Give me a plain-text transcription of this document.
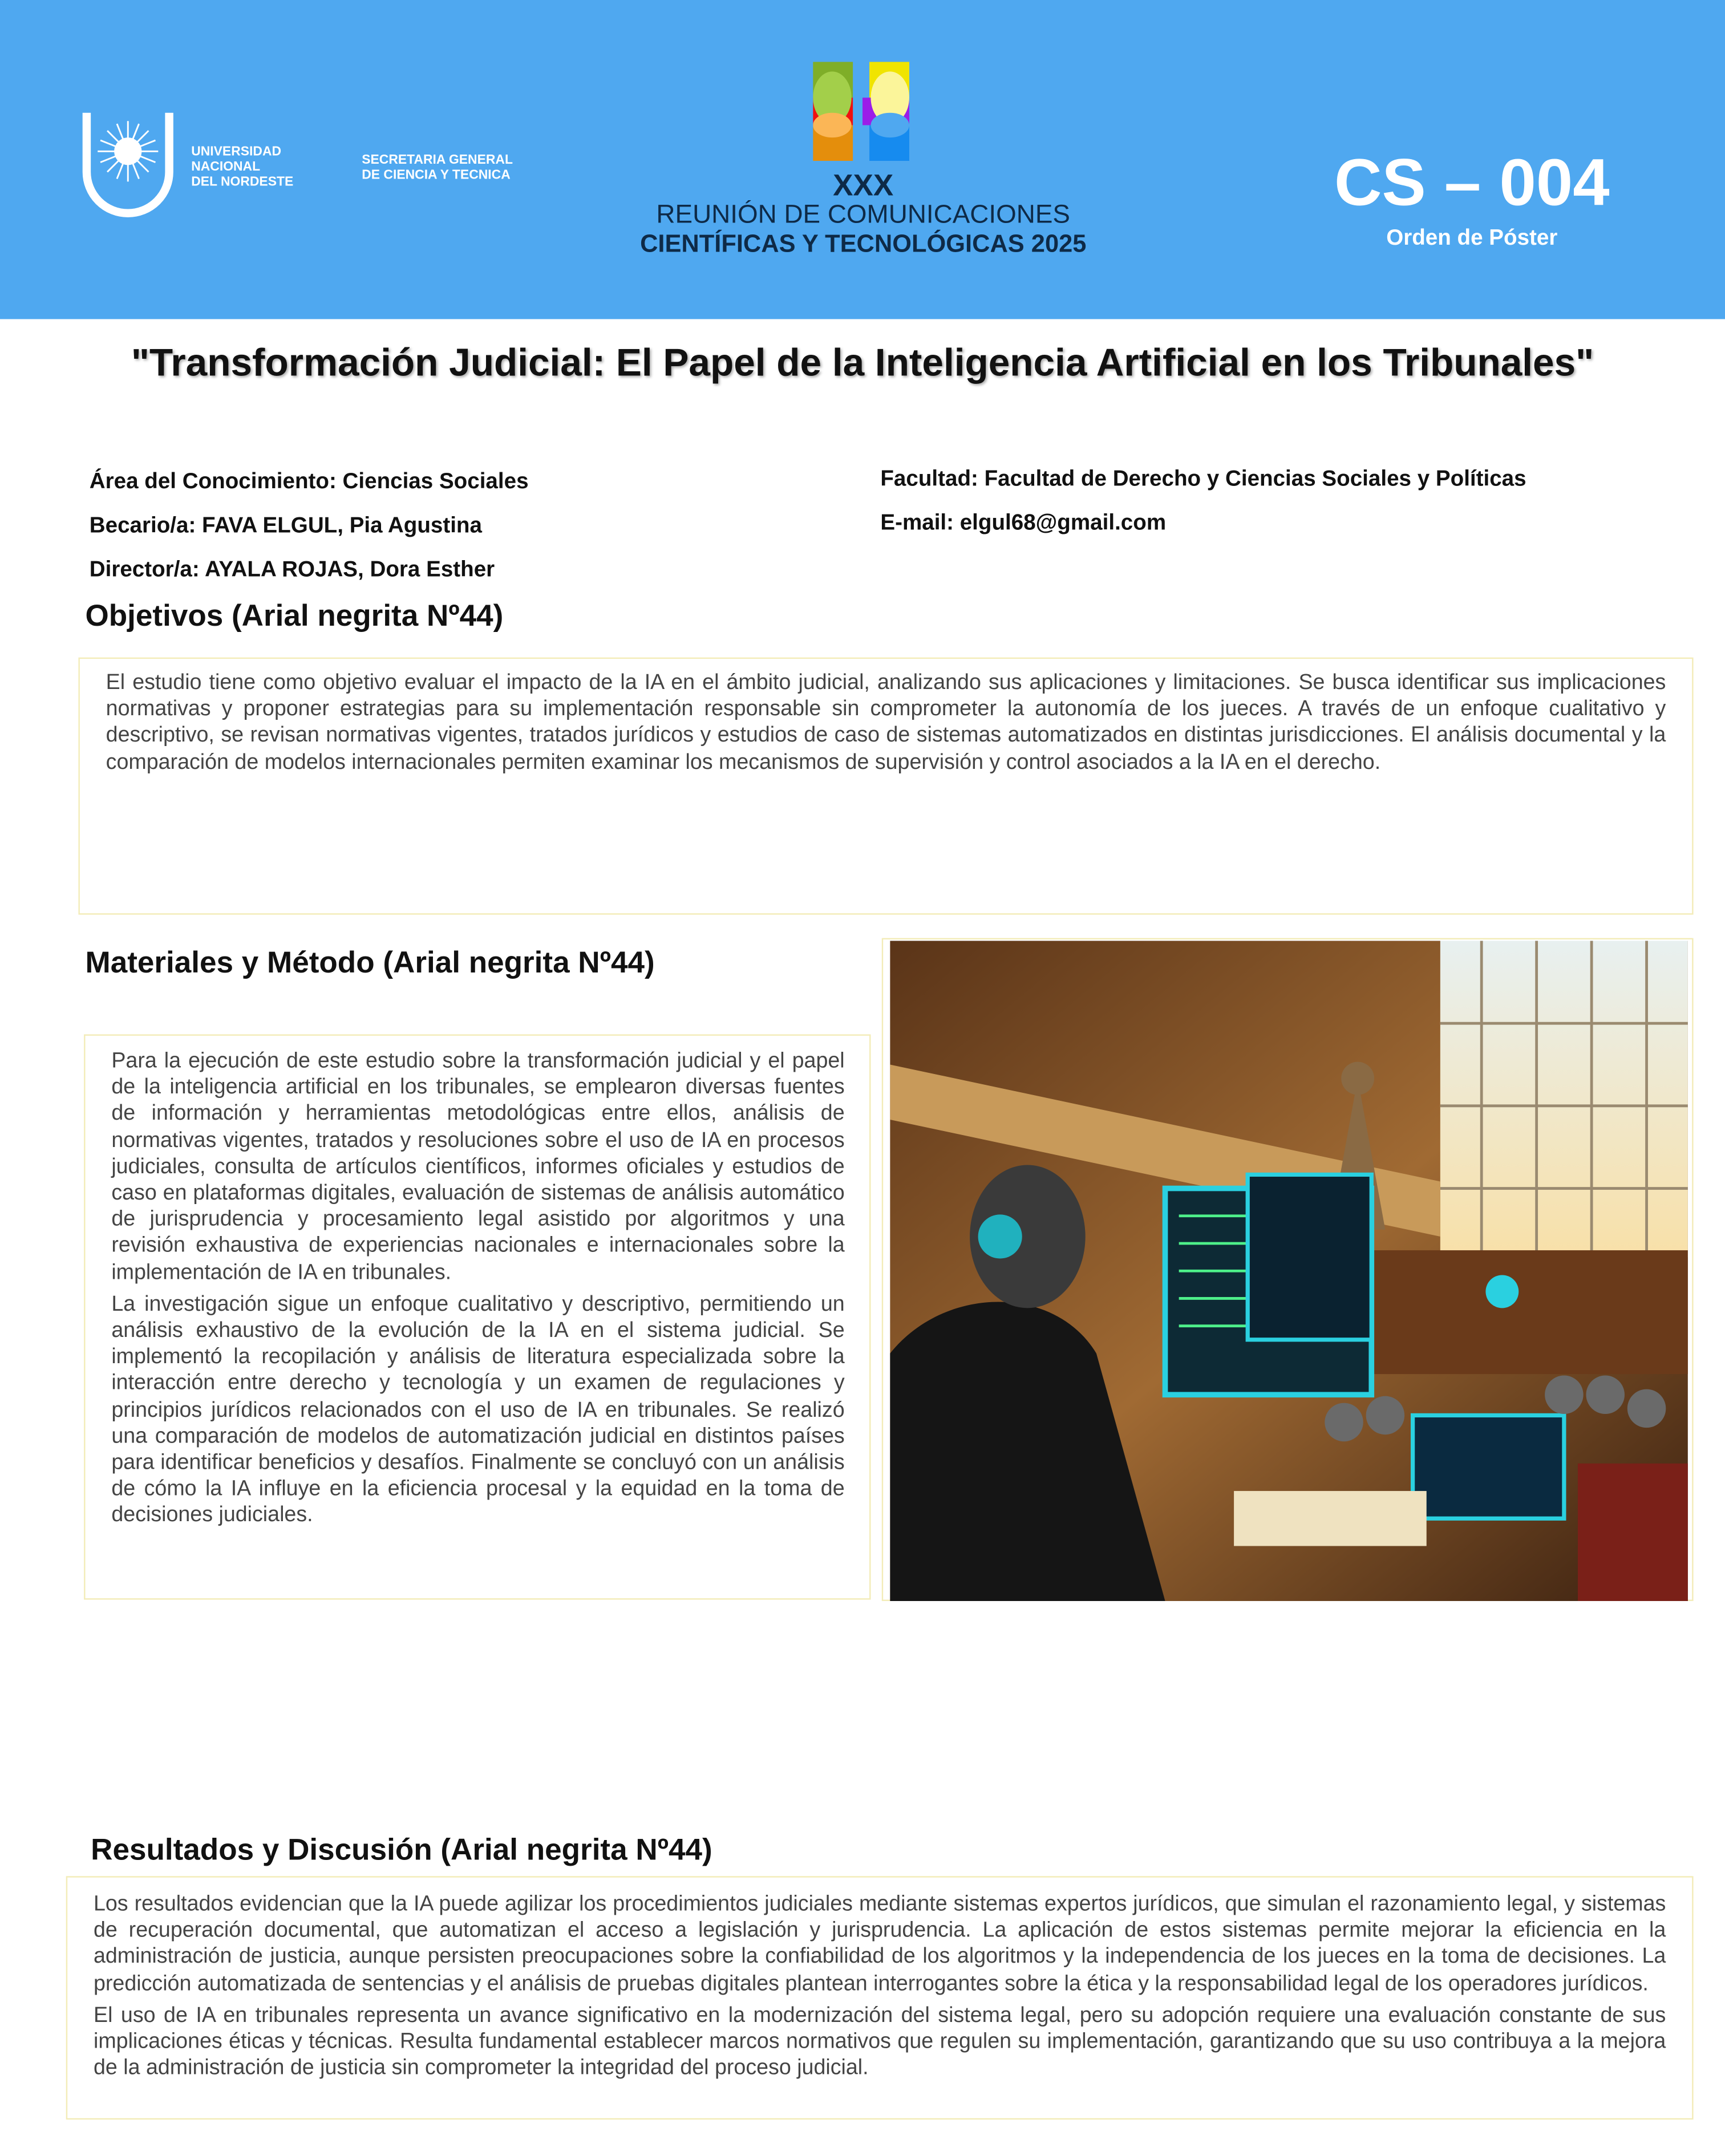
UNIVERSIDAD
NACIONAL
DEL NORDESTE
SECRETARIA GENERAL
DE CIENCIA Y TECNICA	XXX
REUNIÓN DE COMUNICACIONES
CIENTÍFICAS Y TECNOLÓGICAS 2025
CS – 004
Orden de Póster
"Transformación Judicial: El Papel de la Inteligencia Artificial en los Tribunales"
Área del Conocimiento: Ciencias Sociales
Becario/a: FAVA ELGUL, Pia Agustina
Director/a: AYALA ROJAS, Dora Esther
Facultad: Facultad de Derecho y Ciencias Sociales y Políticas
E-mail: elgul68@gmail.com
Objetivos (Arial negrita Nº44)

El estudio tiene como objetivo evaluar el impacto de la IA en el ámbito judicial, analizando sus aplicaciones y limitaciones. Se busca identificar sus implicaciones normativas y proponer estrategias para su implementación responsable sin comprometer la autonomía de los jueces. A través de un enfoque cualitativo y descriptivo, se revisan normativas vigentes, tratados jurídicos y estudios de caso de sistemas automatizados en distintas jurisdicciones. El análisis documental y la comparación de modelos internacionales permiten examinar los mecanismos de supervisión y control asociados a la IA en el derecho.

Materiales y Método (Arial negrita Nº44)

Para la ejecución de este estudio sobre la transformación judicial y el papel de la inteligencia artificial en los tribunales, se emplearon diversas fuentes de información y herramientas metodológicas entre ellos, análisis de normativas vigentes, tratados y resoluciones sobre el uso de IA en procesos judiciales, consulta de artículos científicos, informes oficiales y estudios de caso en plataformas digitales, evaluación de sistemas de análisis automático de jurisprudencia y procesamiento legal asistido por algoritmos y una revisión exhaustiva de experiencias nacionales e internacionales sobre la implementación de IA en tribunales.

La investigación sigue un enfoque cualitativo y descriptivo, permitiendo un análisis exhaustivo de la evolución de la IA en el sistema judicial. Se implementó la recopilación y análisis de literatura especializada sobre la interacción entre derecho y tecnología y un examen de regulaciones y principios jurídicos relacionados con el uso de IA en tribunales. Se realizó una comparación de modelos de automatización judicial en distintos países para identificar beneficios y desafíos. Finalmente se concluyó con un análisis de cómo la IA influye en la eficiencia procesal y la equidad en la toma de decisiones judiciales.

Resultados y Discusión (Arial negrita Nº44)

Los resultados evidencian que la IA puede agilizar los procedimientos judiciales mediante sistemas expertos jurídicos, que simulan el razonamiento legal, y sistemas de recuperación documental, que automatizan el acceso a legislación y jurisprudencia. La aplicación de estos sistemas permite mejorar la eficiencia en la administración de justicia, aunque persisten preocupaciones sobre la confiabilidad de los algoritmos y la independencia de los jueces en la toma de decisiones. La predicción automatizada de sentencias y el análisis de pruebas digitales plantean interrogantes sobre la ética y la responsabilidad legal de los operadores jurídicos.

El uso de IA en tribunales representa un avance significativo en la modernización del sistema legal, pero su adopción requiere una evaluación constante de sus implicaciones éticas y técnicas. Resulta fundamental establecer marcos normativos que regulen su implementación, garantizando que su uso contribuya a la mejora de la administración de justicia sin comprometer la integridad del proceso judicial.
